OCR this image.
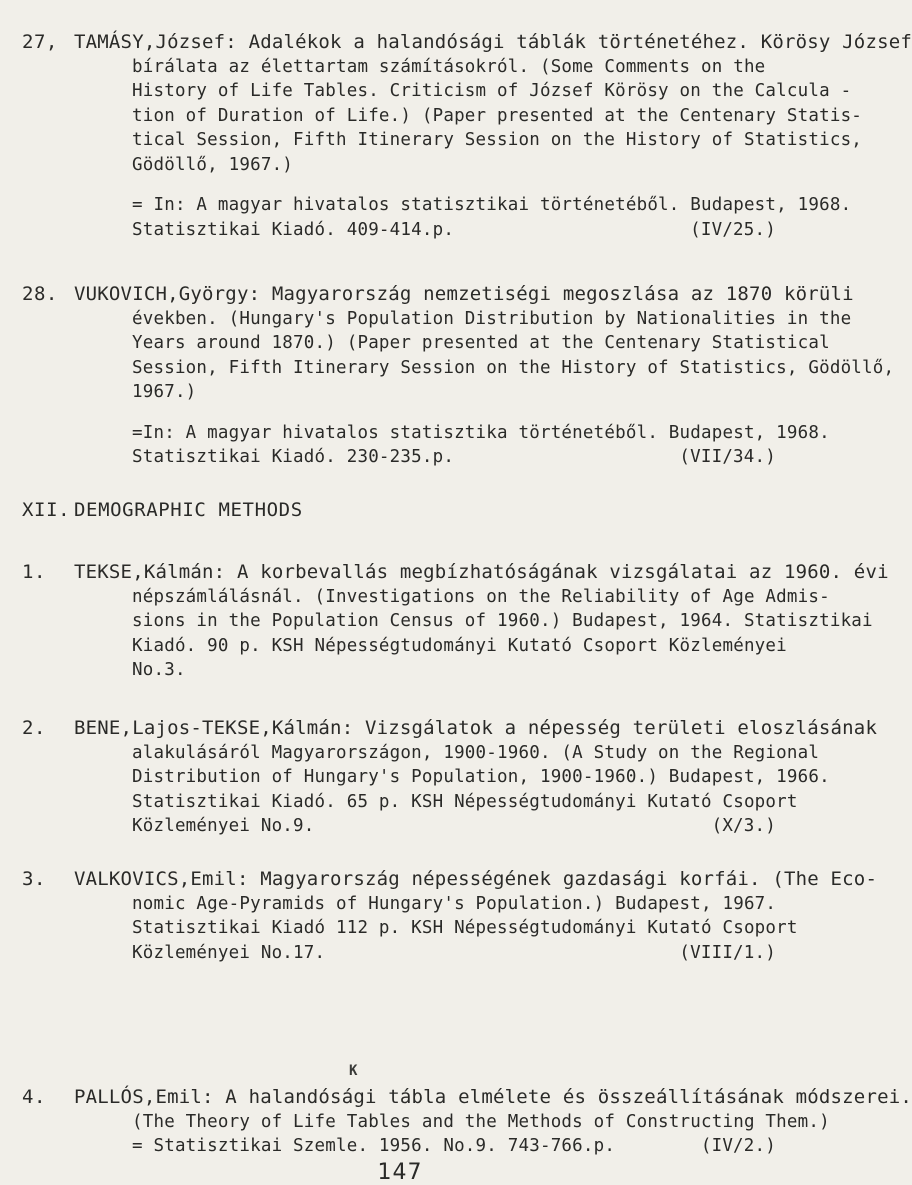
27, TAMÁSY,József: Adalékok a halandósági táblák történetéhez. Körösy József
bírálata az élettartam számításokról. (Some Comments on the
History of Life Tables. Criticism of József Körösy on the Calcula -
tion of Duration of Life.) (Paper presented at the Centenary Statis-
tical Session, Fifth Itinerary Session on the History of Statistics,
Gödöllő, 1967.)
= In: A magyar hivatalos statisztikai történetéből. Budapest, 1968.
Statisztikai Kiadó. 409-414.p.	(IV/25.)
28. VUKOVICH,György: Magyarország nemzetiségi megoszlása az 1870 körüli
években. (Hungary's Population Distribution by Nationalities in the
Years around 1870.) (Paper presented at the Centenary Statistical
Session, Fifth Itinerary Session on the History of Statistics, Gödöllő,
1967.)
=In: A magyar hivatalos statisztika történetéből. Budapest, 1968.
Statisztikai Kiadó. 230-235.p.	(VII/34.)
XII. DEMOGRAPHIC METHODS
1. TEKSE,Kálmán: A korbevallás megbízhatóságának vizsgálatai az 1960. évi
népszámlálásnál. (Investigations on the Reliability of Age Admis-
sions in the Population Census of 1960.) Budapest, 1964. Statisztikai
Kiadó. 90 p. KSH Népességtudományi Kutató Csoport Közleményei
No.3.
2. BENE,Lajos-TEKSE,Kálmán: Vizsgálatok a népesség területi eloszlásának
alakulásáról Magyarországon, 1900-1960. (A Study on the Regional
Distribution of Hungary's Population, 1900-1960.) Budapest, 1966.
Statisztikai Kiadó. 65 p. KSH Népességtudományi Kutató Csoport
Közleményei No.9.	(X/3.)
3. VALKOVICS,Emil: Magyarország népességének gazdasági korfái. (The Eco-
nomic Age-Pyramids of Hungary's Population.) Budapest, 1967.
Statisztikai Kiadó 112 p. KSH Népességtudományi Kutató Csoport
Közleményei No.17.	(VIII/1.)
K
4. PALLÓS,Emil: A halandósági tábla elmélete és összeállításának módszerei.
(The Theory of Life Tables and the Methods of Constructing Them.)
= Statisztikai Szemle. 1956. No.9. 743-766.p.	(IV/2.)
147
